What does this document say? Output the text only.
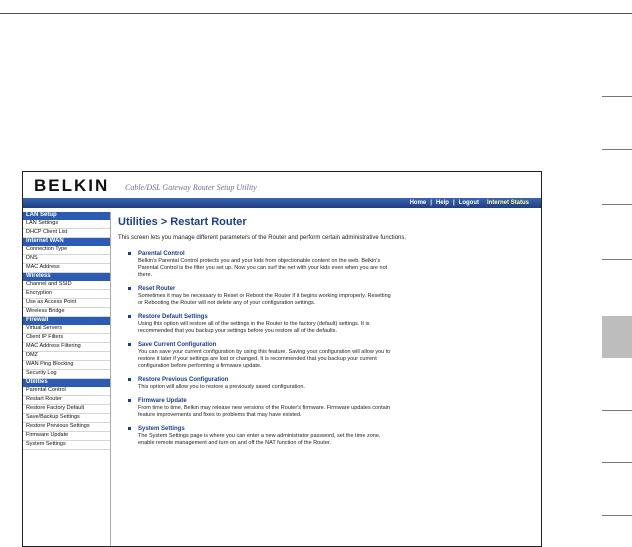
BELKIN Cable/DSL Gateway Router Setup Utility
Home | Help | Logout Internet Status
LAN Setup
LAN Settings
DHCP Client List
Internet WAN
Connection Type
DNS
MAC Address
Wireless
Channel and SSID
Encryption
Use as Access Point
Wireless Bridge
Firewall
Virtual Servers
Client IP Filters
MAC Address Filtering
DMZ
WAN Ping Blocking
Security Log
Utilities
Parental Control
Restart Router
Restore Factory Default
Save/Backup Settings
Restore Previous Settings
Firmware Update
System Settings
Utilities > Restart Router
This screen lets you manage different parameters of the Router and perform certain administrative functions.
Parental Control
Belkin's Parental Control protects you and your kids from objectionable content on the web. Belkin's
Parental Control is the filter you set up. Now you can surf the net with your kids even when you are not
there.
Reset Router
Sometimes it may be necessary to Reset or Reboot the Router if it begins working improperly. Resetting
or Rebooting the Router will not delete any of your configuration settings.
Restore Default Settings
Using this option will restore all of the settings in the Router to the factory (default) settings. It is
recommended that you backup your settings before you restore all of the defaults.
Save Current Configuration
You can save your current configuration by using this feature. Saving your configuration will allow you to
restore it later if your settings are lost or changed. It is recommended that you backup your current
configuration before performing a firmware update.
Restore Previous Configuration
This option will allow you to restore a previously saved configuration.
Firmware Update
From time to time, Belkin may release new versions of the Router's firmware. Firmware updates contain
feature improvements and fixes to problems that may have existed.
System Settings
The System Settings page is where you can enter a new administrator password, set the time zone,
enable remote management and turn on and off the NAT function of the Router.
